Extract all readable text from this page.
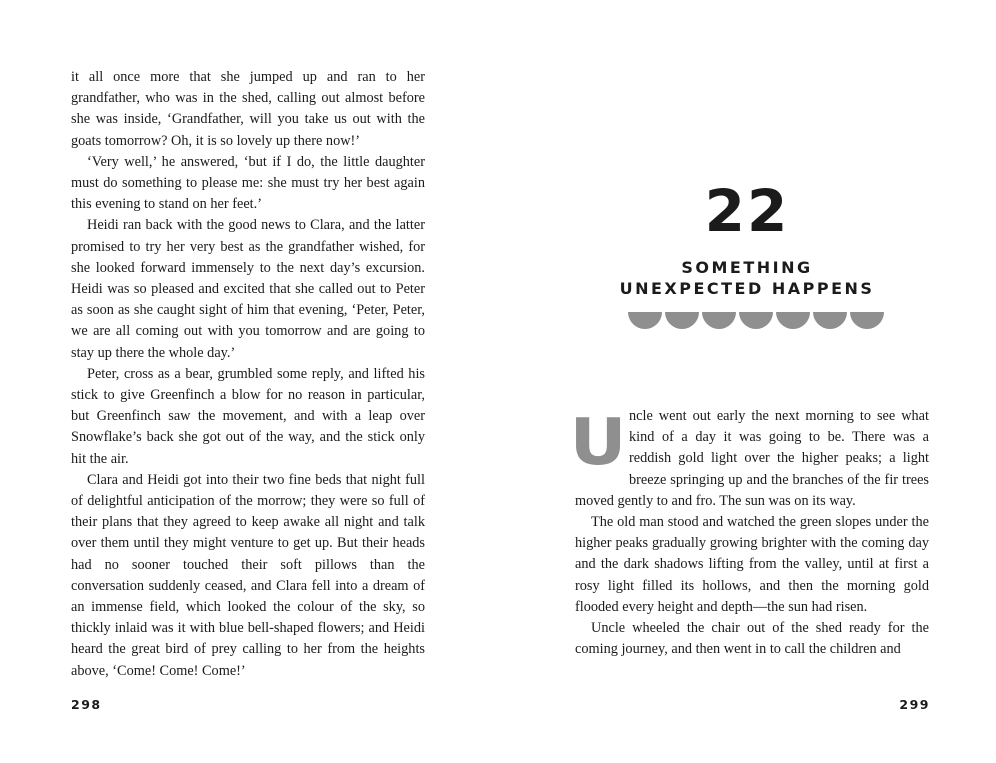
it all once more that she jumped up and ran to her grandfather, who was in the shed, calling out almost before she was inside, ‘Grandfather, will you take us out with the goats tomorrow? Oh, it is so lovely up there now!’

‘Very well,’ he answered, ‘but if I do, the little daughter must do something to please me: she must try her best again this evening to stand on her feet.’

Heidi ran back with the good news to Clara, and the latter promised to try her very best as the grandfather wished, for she looked forward immensely to the next day’s excursion. Heidi was so pleased and excited that she called out to Peter as soon as she caught sight of him that evening, ‘Peter, Peter, we are all coming out with you tomorrow and are going to stay up there the whole day.’

Peter, cross as a bear, grumbled some reply, and lifted his stick to give Greenfinch a blow for no reason in particular, but Greenfinch saw the movement, and with a leap over Snowflake’s back she got out of the way, and the stick only hit the air.

Clara and Heidi got into their two fine beds that night full of delightful anticipation of the morrow; they were so full of their plans that they agreed to keep awake all night and talk over them until they might venture to get up. But their heads had no sooner touched their soft pillows than the conversation suddenly ceased, and Clara fell into a dream of an immense field, which looked the colour of the sky, so thickly inlaid was it with blue bell-shaped flowers; and Heidi heard the great bird of prey calling to her from the heights above, ‘Come! Come! Come!’

298
22
SOMETHING
UNEXPECTED HAPPENS

U ncle went out early the next morning to see what kind of a day it was going to be. There was a reddish gold light over the higher peaks; a light breeze springing up and the branches of the fir trees moved gently to and fro. The sun was on its way.

The old man stood and watched the green slopes under the higher peaks gradually growing brighter with the coming day and the dark shadows lifting from the valley, until at first a rosy light filled its hollows, and then the morning gold flooded every height and depth—the sun had risen.

Uncle wheeled the chair out of the shed ready for the coming journey, and then went in to call the children and

299
